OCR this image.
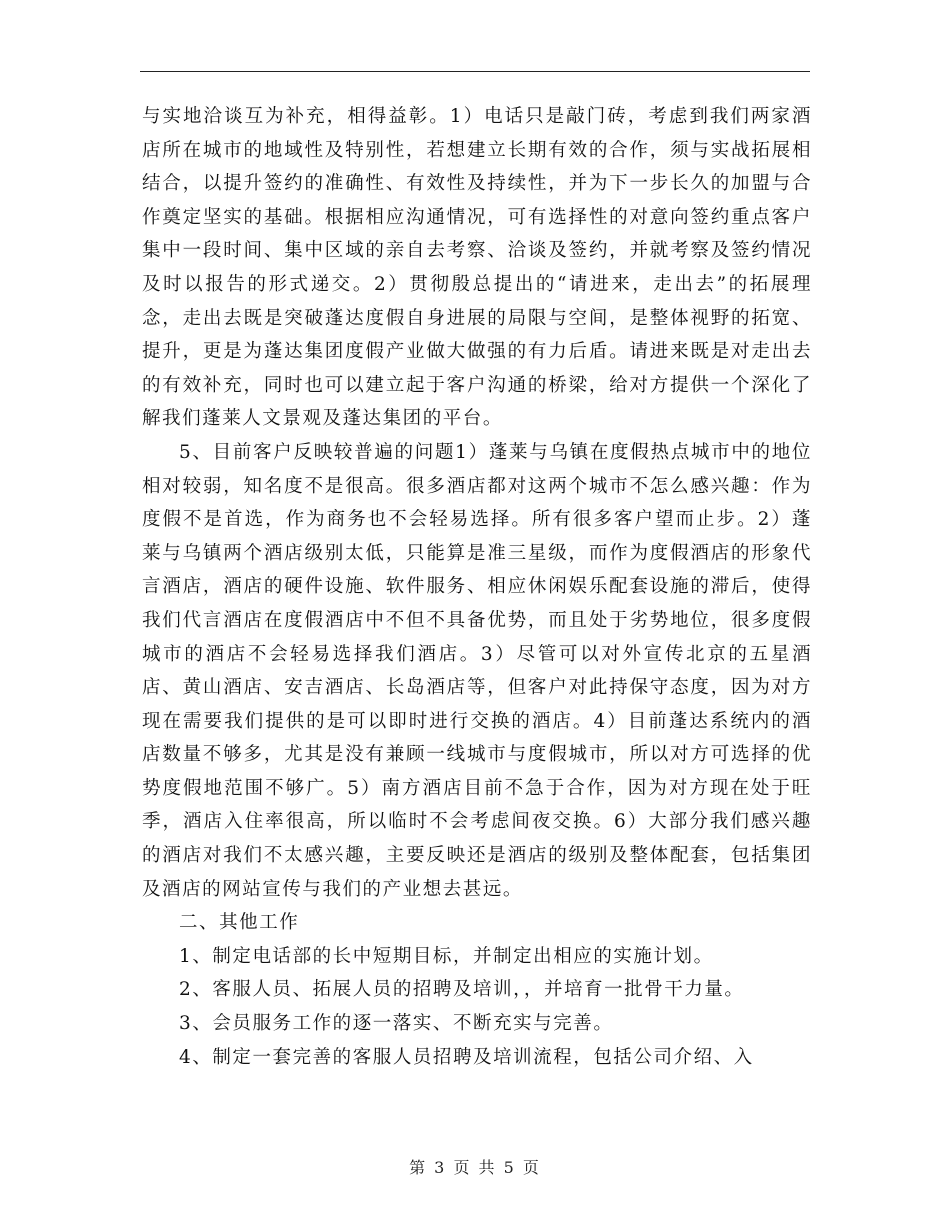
与实地洽谈互为补充，相得益彰。1）电话只是敲门砖，考虑到我们两家酒店所在城市的地域性及特别性，若想建立长期有效的合作，须与实战拓展相结合，以提升签约的准确性、有效性及持续性，并为下一步长久的加盟与合作奠定坚实的基础。根据相应沟通情况，可有选择性的对意向签约重点客户集中一段时间、集中区域的亲自去考察、洽谈及签约，并就考察及签约情况及时以报告的形式递交。2）贯彻殷总提出的“请进来，走出去”的拓展理念，走出去既是突破蓬达度假自身进展的局限与空间，是整体视野的拓宽、提升，更是为蓬达集团度假产业做大做强的有力后盾。请进来既是对走出去的有效补充，同时也可以建立起于客户沟通的桥梁，给对方提供一个深化了解我们蓬莱人文景观及蓬达集团的平台。

5、目前客户反映较普遍的问题1）蓬莱与乌镇在度假热点城市中的地位相对较弱，知名度不是很高。很多酒店都对这两个城市不怎么感兴趣：作为度假不是首选，作为商务也不会轻易选择。所有很多客户望而止步。2）蓬莱与乌镇两个酒店级别太低，只能算是准三星级，而作为度假酒店的形象代言酒店，酒店的硬件设施、软件服务、相应休闲娱乐配套设施的滞后，使得我们代言酒店在度假酒店中不但不具备优势，而且处于劣势地位，很多度假城市的酒店不会轻易选择我们酒店。3）尽管可以对外宣传北京的五星酒店、黄山酒店、安吉酒店、长岛酒店等，但客户对此持保守态度，因为对方现在需要我们提供的是可以即时进行交换的酒店。4）目前蓬达系统内的酒店数量不够多，尤其是没有兼顾一线城市与度假城市，所以对方可选择的优势度假地范围不够广。5）南方酒店目前不急于合作，因为对方现在处于旺季，酒店入住率很高，所以临时不会考虑间夜交换。6）大部分我们感兴趣的酒店对我们不太感兴趣，主要反映还是酒店的级别及整体配套，包括集团及酒店的网站宣传与我们的产业想去甚远。

二、其他工作

1、制定电话部的长中短期目标，并制定出相应的实施计划。

2、客服人员、拓展人员的招聘及培训，，并培育一批骨干力量。

3、会员服务工作的逐一落实、不断充实与完善。

4、制定一套完善的客服人员招聘及培训流程，包括公司介绍、入

第 3 页 共 5 页
